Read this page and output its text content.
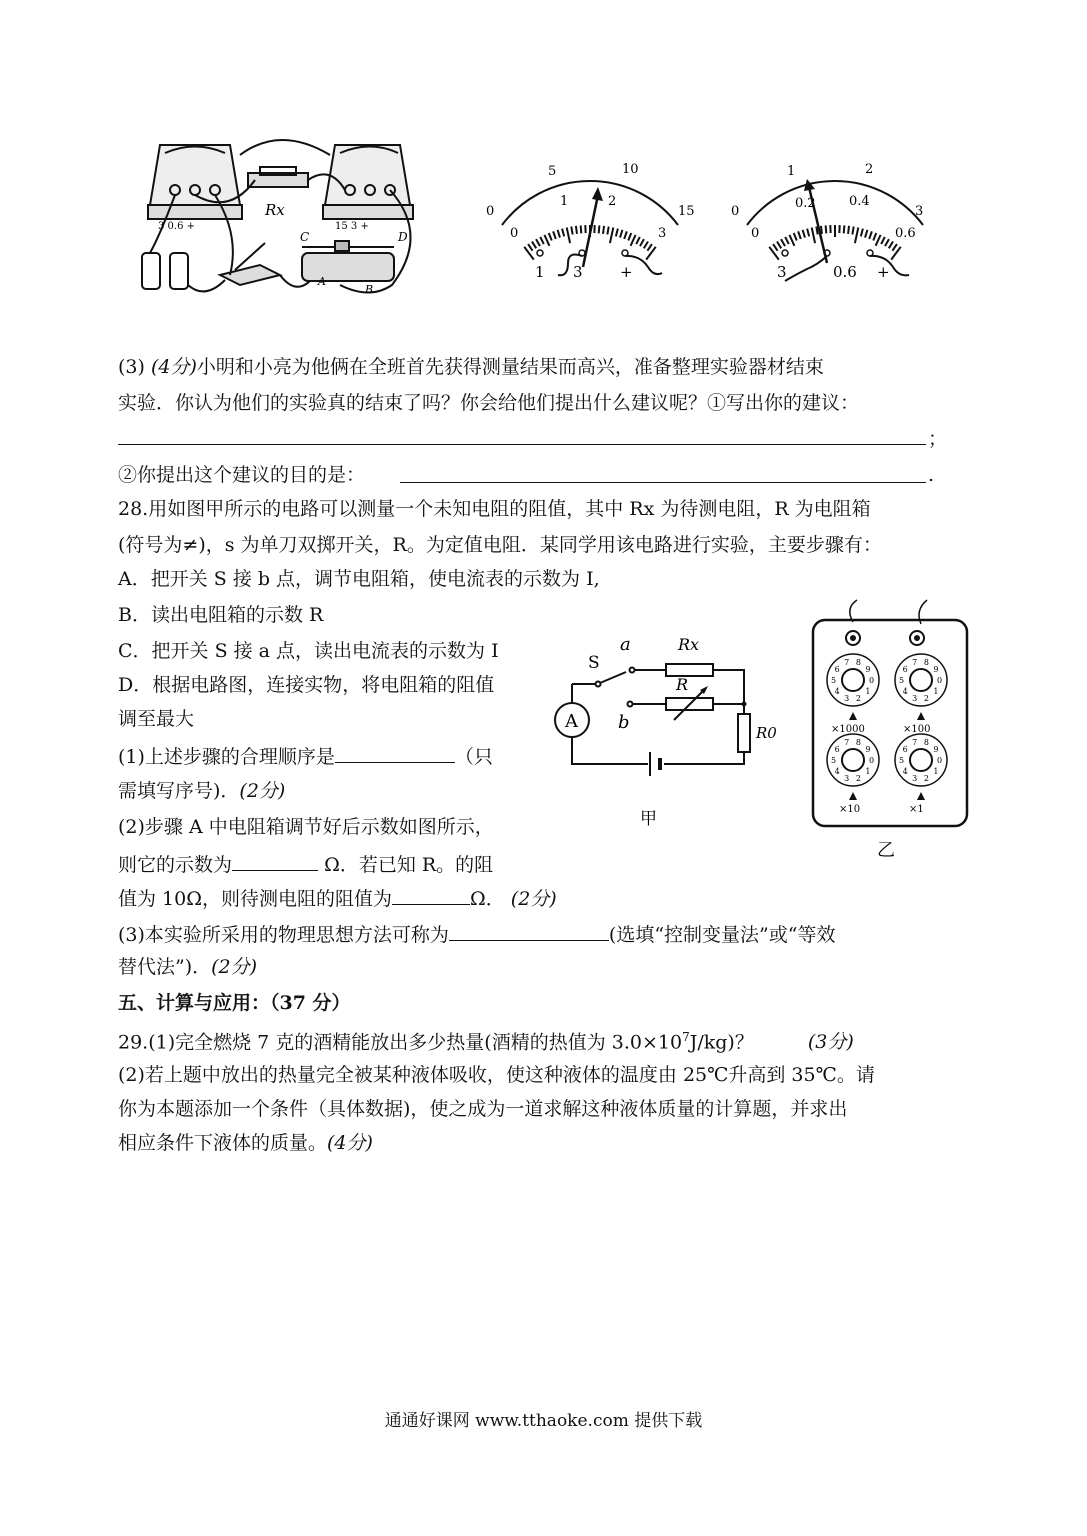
Rx
3 0.6 +	15 3 +
C	D
A
B
0
5	10
15
0
1	2
3
1 3 +
0
1	2
3
0
0.2	0.4
0.6
3	0.6 +
(3) (4分)小明和小亮为他俩在全班首先获得测量结果而高兴，准备整理实验器材结束
实验．你认为他们的实验真的结束了吗？你会给他们提出什么建议呢？①写出你的建议：
；
②你提出这个建议的目的是：	.
28.用如图甲所示的电路可以测量一个未知电阻的阻值，其中 Rx 为待测电阻，R 为电阻箱
(符号为≠)，s 为单刀双掷开关，R。为定值电阻．某同学用该电路进行实验，主要步骤有：
A．把开关 S 接 b 点，调节电阻箱，使电流表的示数为 I,
B．读出电阻箱的示数 R
C．把开关 S 接 a 点，读出电流表的示数为 I
D．根据电路图，连接实物，将电阻箱的阻值
调至最大
(1)上述步骤的合理顺序是	（只
需填写序号)．(2分)
(2)步骤 A 中电阻箱调节好后示数如图所示，
则它的示数为	Ω．若已知 R。的阻
值为 10Ω，则待测电阻的阻值为	Ω． (2分)
(3)本实验所采用的物理思想方法可称为	(选填“控制变量法”或“等效
替代法”)．(2分)
A
S
a
b
Rx
R
R0
甲
0
1
2
3
4
5
6
7 8
9
0
1
2
3
4
5
6
7 8
9
0
1
2
3
4
5
6
7 8
9
0
1
2
3
4
5
6
7 8
9
×1000	×100
×10	×1
乙
五、计算与应用：（37 分）
29.(1)完全燃烧 7 克的酒精能放出多少热量(酒精的热值为 $3.0\times 10^7J/kg$)？	(3分)
(2)若上题中放出的热量完全被某种液体吸收，使这种液体的温度由 25℃升高到 35℃。请
你为本题添加一个条件（具体数据)，使之成为一道求解这种液体质量的计算题，并求出
相应条件下液体的质量。(4分)
通通好课网 www.tthaoke.com 提供下载
